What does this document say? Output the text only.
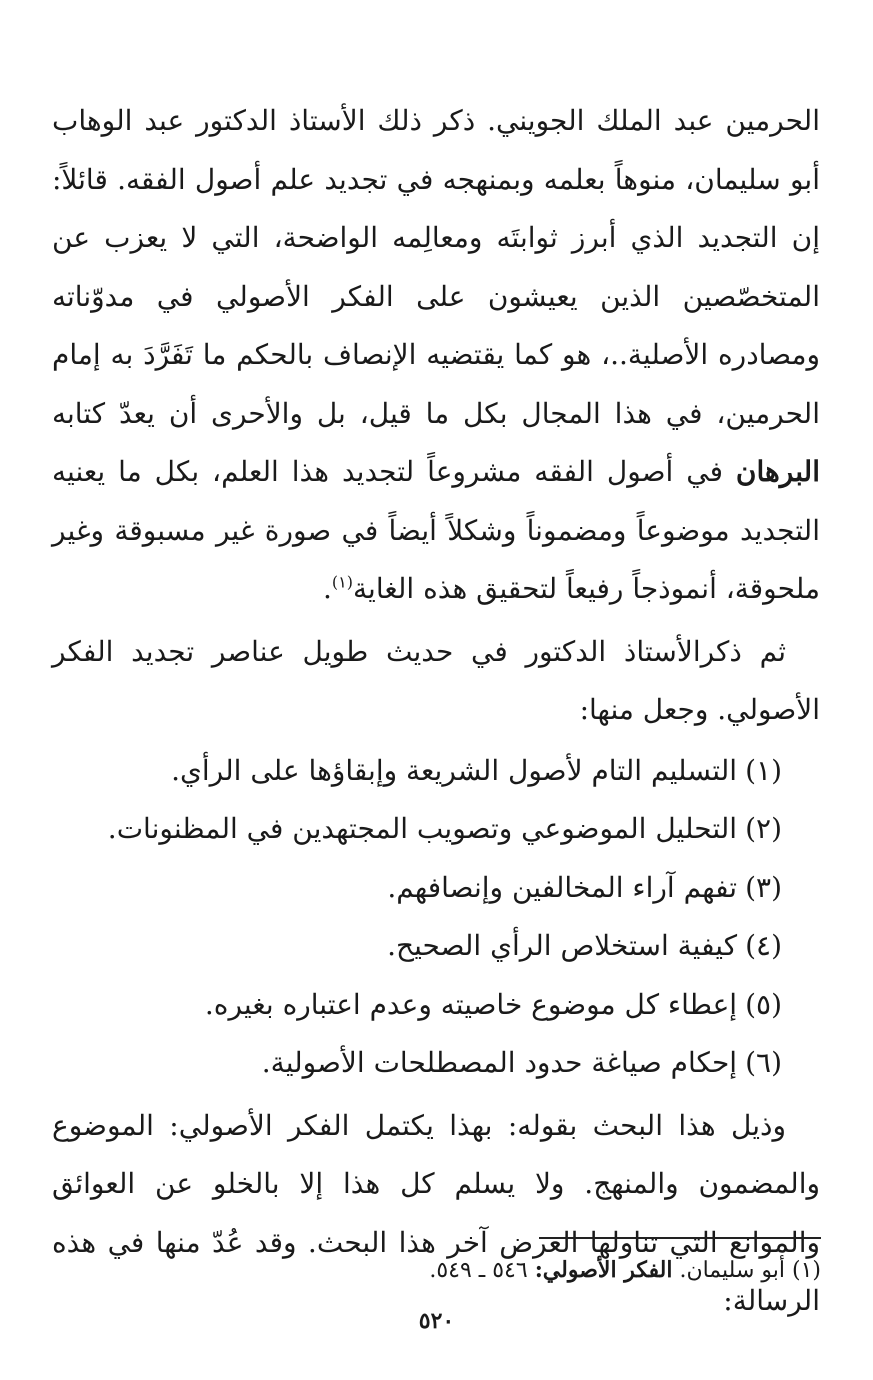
الحرمين عبد الملك الجويني. ذكر ذلك الأستاذ الدكتور عبد الوهاب أبو سليمان، منوهاً بعلمه وبمنهجه في تجديد علم أصول الفقه. قائلاً: إن التجديد الذي أبرز ثوابتَه ومعالِمه الواضحة، التي لا يعزب عن المتخصّصين الذين يعيشون على الفكر الأصولي في مدوّناته ومصادره الأصلية..، هو كما يقتضيه الإنصاف بالحكم ما تَفَرَّدَ به إمام الحرمين، في هذا المجال بكل ما قيل، بل والأحرى أن يعدّ كتابه البرهان في أصول الفقه مشروعاً لتجديد هذا العلم، بكل ما يعنيه التجديد موضوعاً ومضموناً وشكلاً أيضاً في صورة غير مسبوقة وغير ملحوقة، أنموذجاً رفيعاً لتحقيق هذه الغاية$^{(١)}$.

ثم ذكرالأستاذ الدكتور في حديث طويل عناصر تجديد الفكر الأصولي. وجعل منها:

(١)التسليم التام لأصول الشريعة وإبقاؤها على الرأي.
(٢)التحليل الموضوعي وتصويب المجتهدين في المظنونات.
(٣)تفهم آراء المخالفين وإنصافهم.
(٤)كيفية استخلاص الرأي الصحيح.
(٥)إعطاء كل موضوع خاصيته وعدم اعتباره بغيره.
(٦)إحكام صياغة حدود المصطلحات الأصولية.

وذيل هذا البحث بقوله: بهذا يكتمل الفكر الأصولي: الموضوع والمضمون والمنهج. ولا يسلم كل هذا إلا بالخلو عن العوائق والموانع التي تناولها العرض آخر هذا البحث. وقد عُدّ منها في هذه الرسالة:

(١) أبو سليمان. الفكر الأصولي: ٥٤٦ ـ ٥٤٩.
٥٢٠
